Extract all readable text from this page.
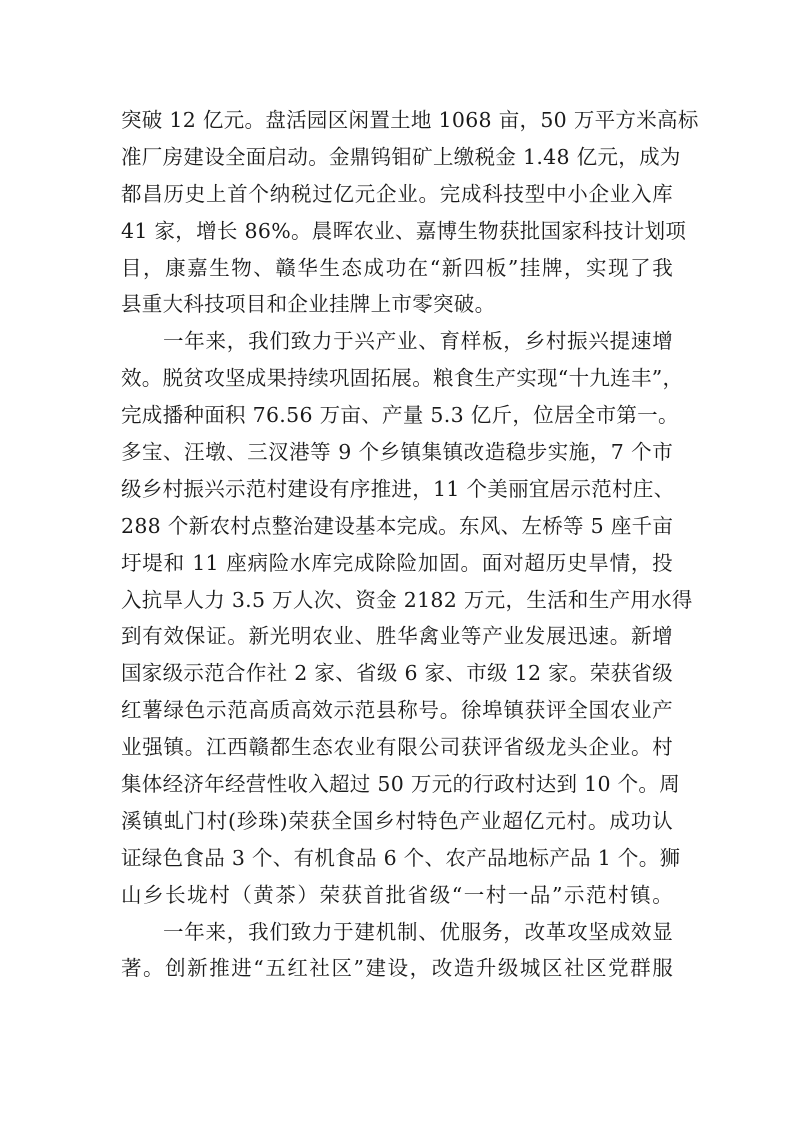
突破 12 亿元。盘活园区闲置土地 1068 亩，50 万平方米高标
准厂房建设全面启动。金鼎钨钼矿上缴税金 1.48 亿元，成为
都昌历史上首个纳税过亿元企业。完成科技型中小企业入库
41 家，增长 86%。晨晖农业、嘉博生物获批国家科技计划项
目，康嘉生物、赣华生态成功在“新四板”挂牌，实现了我
县重大科技项目和企业挂牌上市零突破。
一年来，我们致力于兴产业、育样板，乡村振兴提速增
效。脱贫攻坚成果持续巩固拓展。粮食生产实现“十九连丰”，
完成播种面积 76.56 万亩、产量 5.3 亿斤，位居全市第一。
多宝、汪墩、三汊港等 9 个乡镇集镇改造稳步实施，7 个市
级乡村振兴示范村建设有序推进，11 个美丽宜居示范村庄、
288 个新农村点整治建设基本完成。东风、左桥等 5 座千亩
圩堤和 11 座病险水库完成除险加固。面对超历史旱情，投
入抗旱人力 3.5 万人次、资金 2182 万元，生活和生产用水得
到有效保证。新光明农业、胜华禽业等产业发展迅速。新增
国家级示范合作社 2 家、省级 6 家、市级 12 家。荣获省级
红薯绿色示范高质高效示范县称号。徐埠镇获评全国农业产
业强镇。江西赣都生态农业有限公司获评省级龙头企业。村
集体经济年经营性收入超过 50 万元的行政村达到 10 个。周
溪镇虬门村(珍珠)荣获全国乡村特色产业超亿元村。成功认
证绿色食品 3 个、有机食品 6 个、农产品地标产品 1 个。狮
山乡长垅村（黄茶）荣获首批省级“一村一品”示范村镇。
一年来，我们致力于建机制、优服务，改革攻坚成效显
著。创新推进“五红社区”建设，改造升级城区社区党群服
